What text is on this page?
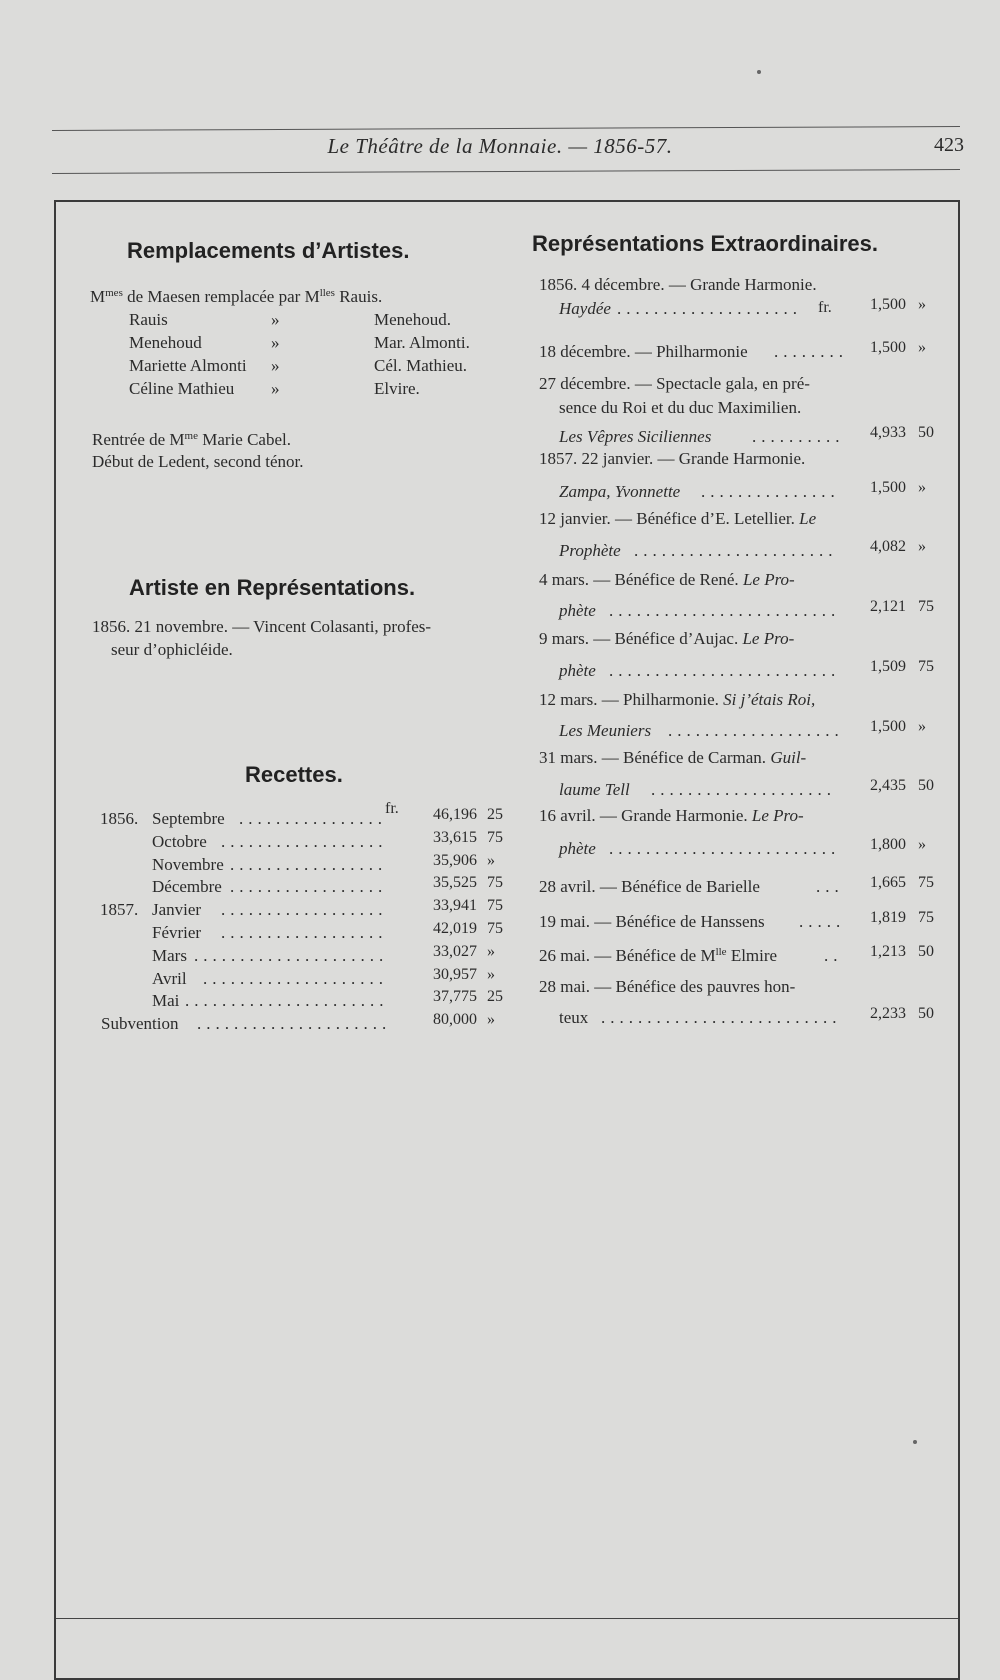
Le Théâtre de la Monnaie. — 1856-57.	423
Remplacements d’Artistes.
$M^{mes}$ de Maesen remplacée par $M^{lles}$ Rauis.
Rauis	»	Menehoud.
Menehoud	»	Mar. Almonti.
Mariette Almonti »	Cél. Mathieu.
Céline Mathieu »	Elvire.
Rentrée de $M^{me}$ Marie Cabel.
Début de Ledent, second ténor.
Artiste en Représentations.
1856. 21 novembre. — Vincent Colasanti, profes-
seur d’ophicléide.
Recettes.
fr.
1856. Septembre ................	46,196 25
Octobre ..................	33,615 75
Novembre .................	35,906 »
Décembre .................	35,525 75
1857. Janvier ..................	33,941 75
Février ..................	42,019 75
Mars .....................	33,027 »
Avril ....................	30,957 »
Mai ......................	37,775 25
Subvention .....................	80,000 »
Représentations Extraordinaires.
1856. 4 décembre. — Grande Harmonie.
Haydée .................... fr.	1,500 »
18 décembre. — Philharmonie ........	1,500 »
27 décembre. — Spectacle gala, en pré-
sence du Roi et du duc Maximilien.
Les Vêpres Siciliennes ..........	4,933 50
1857. 22 janvier. — Grande Harmonie.
Zampa, Yvonnette ...............	1,500 »
12 janvier. — Bénéfice d’E. Letellier. Le
Prophète ......................	4,082 »
4 mars. — Bénéfice de René. Le Pro-
phète .........................	2,121 75
9 mars. — Bénéfice d’Aujac. Le Pro-
phète .........................	1,509 75
12 mars. — Philharmonie. Si j’étais Roi,
Les Meuniers ...................	1,500 »
31 mars. — Bénéfice de Carman. Guil-
laume Tell ....................	2,435 50
16 avril. — Grande Harmonie. Le Pro-
phète .........................	1,800 »
28 avril. — Bénéfice de Barielle	...	1,665 75
19 mai. — Bénéfice de Hanssens .....	1,819 75
26 mai. — Bénéfice de $M^{lle}$ Elmire	..	1,213 50
28 mai. — Bénéfice des pauvres hon-
teux ..........................	2,233 50
